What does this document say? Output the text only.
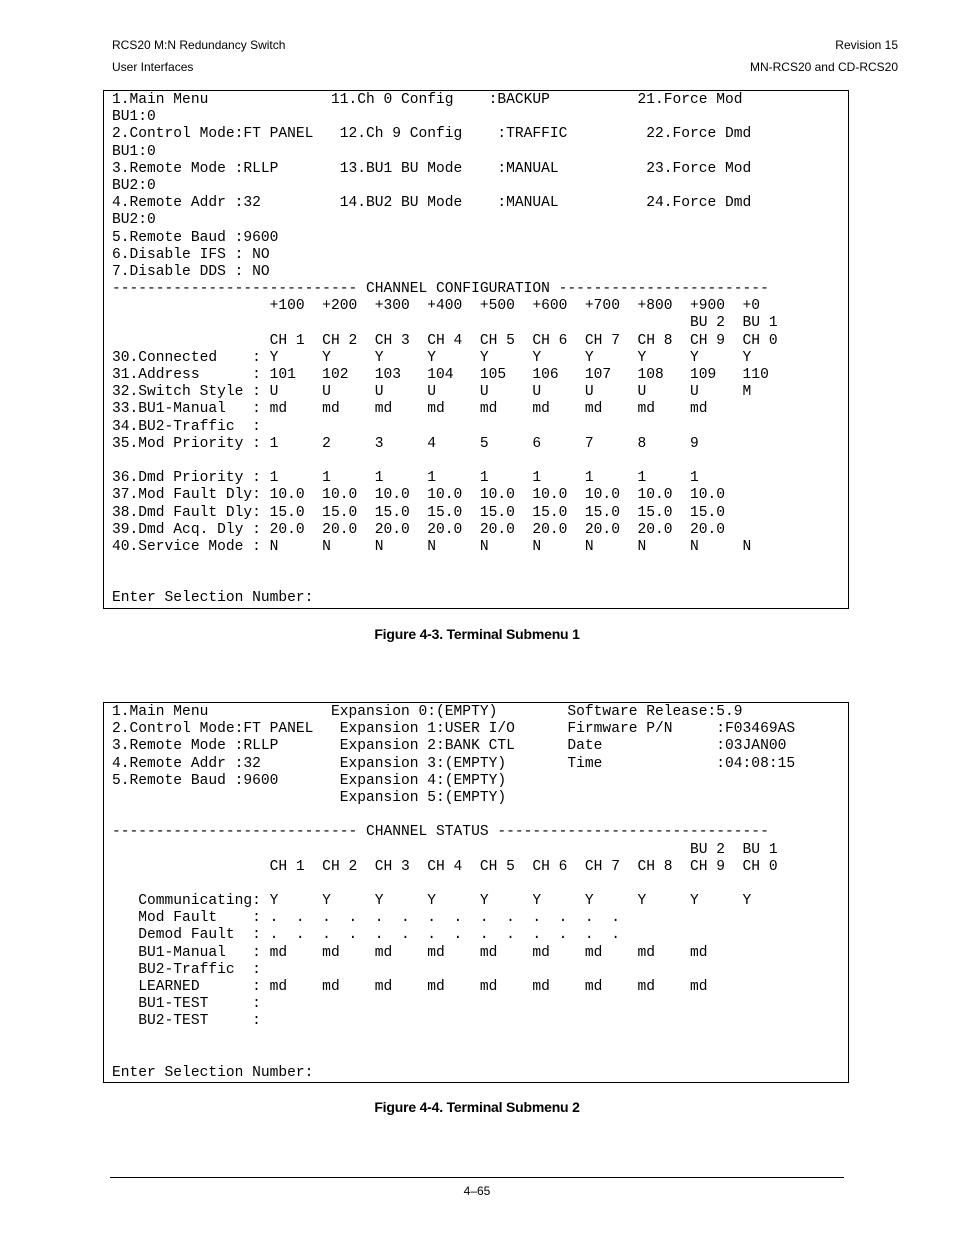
RCS20 M:N Redundancy Switch
User Interfaces
Revision 15
MN-RCS20 and CD-RCS20
1.Main Menu              11.Ch 0 Config    :BACKUP          21.Force Mod
BU1:0
2.Control Mode:FT PANEL   12.Ch 9 Config    :TRAFFIC         22.Force Dmd
BU1:0
3.Remote Mode :RLLP       13.BU1 BU Mode    :MANUAL          23.Force Mod
BU2:0
4.Remote Addr :32         14.BU2 BU Mode    :MANUAL          24.Force Dmd
BU2:0
5.Remote Baud :9600
6.Disable IFS : NO
7.Disable DDS : NO
---------------------------- CHANNEL CONFIGURATION ------------------------
+100  +200  +300  +400  +500  +600  +700  +800  +900  +0
BU 2  BU 1
CH 1  CH 2  CH 3  CH 4  CH 5  CH 6  CH 7  CH 8  CH 9  CH 0
30.Connected    : Y     Y     Y     Y     Y     Y     Y     Y     Y     Y
31.Address      : 101   102   103   104   105   106   107   108   109   110
32.Switch Style : U     U     U     U     U     U     U     U     U     M
33.BU1-Manual   : md    md    md    md    md    md    md    md    md
34.BU2-Traffic  :
35.Mod Priority : 1     2     3     4     5     6     7     8     9

36.Dmd Priority : 1     1     1     1     1     1     1     1     1
37.Mod Fault Dly: 10.0  10.0  10.0  10.0  10.0  10.0  10.0  10.0  10.0
38.Dmd Fault Dly: 15.0  15.0  15.0  15.0  15.0  15.0  15.0  15.0  15.0
39.Dmd Acq. Dly : 20.0  20.0  20.0  20.0  20.0  20.0  20.0  20.0  20.0
40.Service Mode : N     N     N     N     N     N     N     N     N     N

Enter Selection Number:
Figure 4-3. Terminal Submenu 1
1.Main Menu              Expansion 0:(EMPTY)        Software Release:5.9
2.Control Mode:FT PANEL   Expansion 1:USER I/O      Firmware P/N     :F03469AS
3.Remote Mode :RLLP       Expansion 2:BANK CTL      Date             :03JAN00
4.Remote Addr :32         Expansion 3:(EMPTY)       Time             :04:08:15
5.Remote Baud :9600       Expansion 4:(EMPTY)
Expansion 5:(EMPTY)

---------------------------- CHANNEL STATUS -------------------------------
BU 2  BU 1
CH 1  CH 2  CH 3  CH 4  CH 5  CH 6  CH 7  CH 8  CH 9  CH 0

Communicating: Y     Y     Y     Y     Y     Y     Y     Y     Y     Y
Mod Fault    : .  .  .  .  .  .  .  .  .  .  .  .  .  .
Demod Fault  : .  .  .  .  .  .  .  .  .  .  .  .  .  .
BU1-Manual   : md    md    md    md    md    md    md    md    md
BU2-Traffic  :
LEARNED      : md    md    md    md    md    md    md    md    md
BU1-TEST     :
BU2-TEST     :

Enter Selection Number:
Figure 4-4. Terminal Submenu 2
4–65
